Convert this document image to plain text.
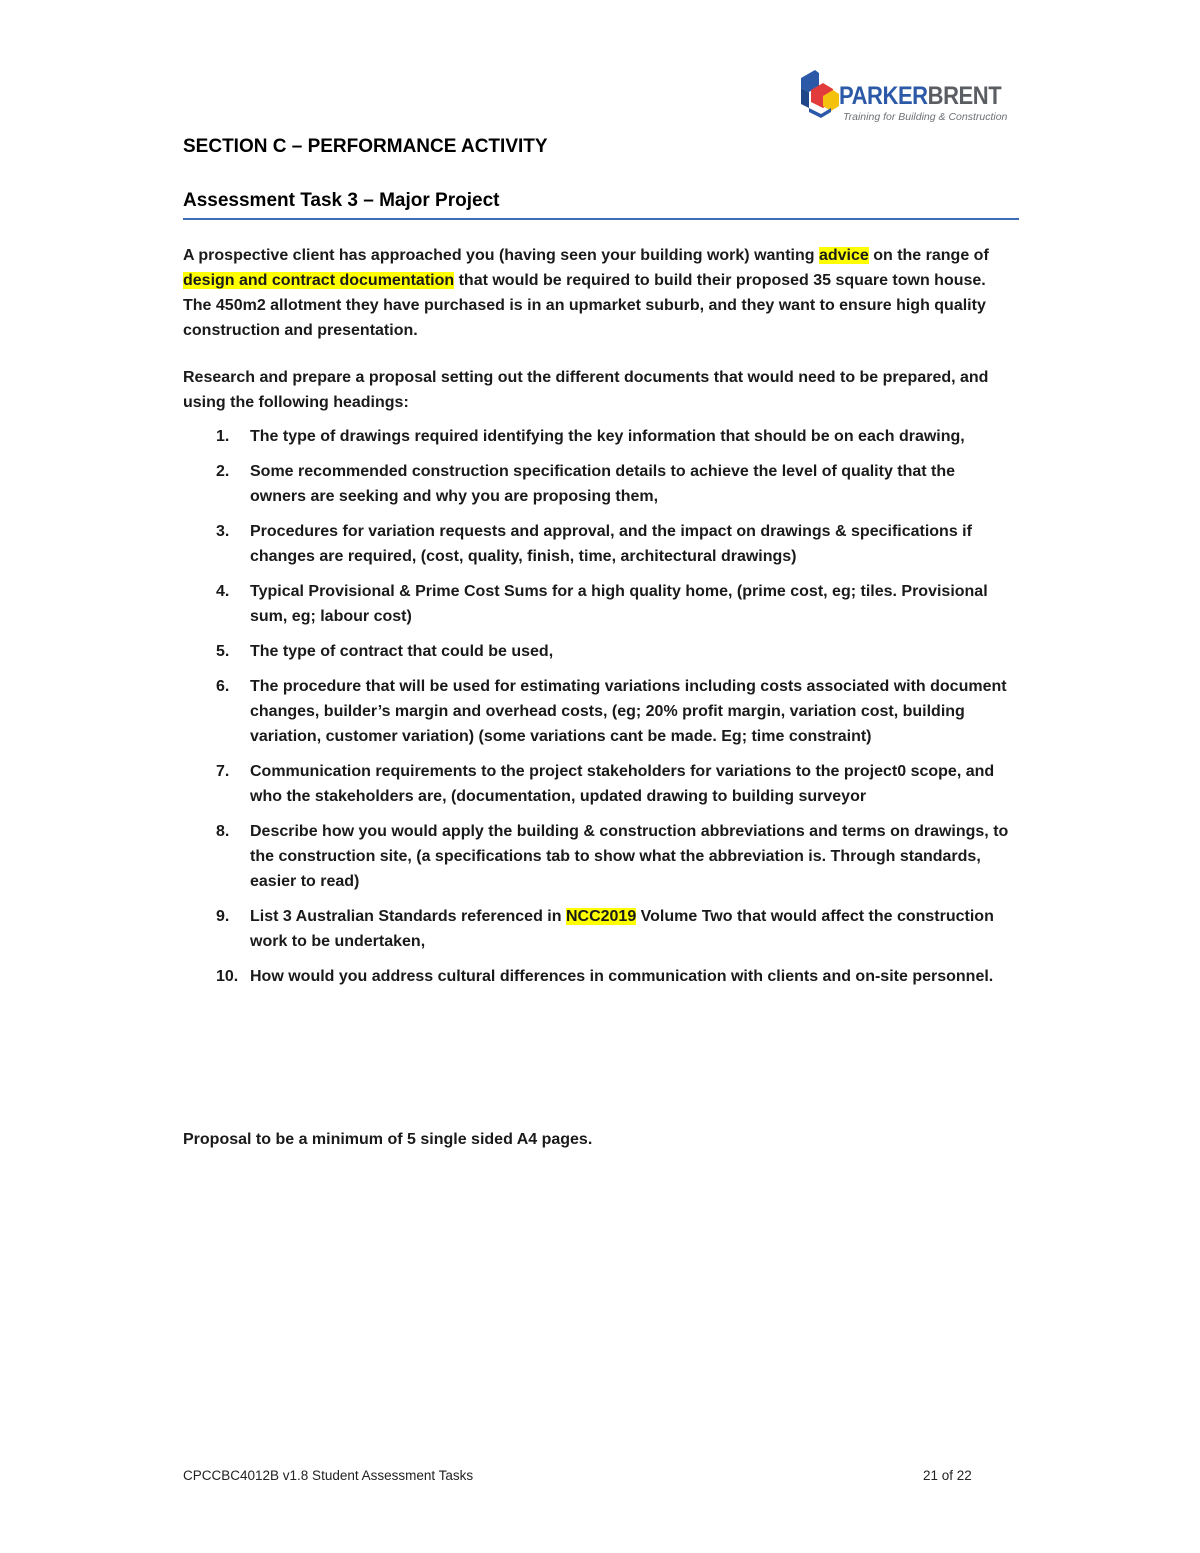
PARKERBRENT
Training for Building & Construction
SECTION C – PERFORMANCE ACTIVITY
Assessment Task 3 – Major Project
A prospective client has approached you (having seen your building work) wanting advice on the range of design and contract documentation that would be required to build their proposed 35 square town house. The 450m2 allotment they have purchased is in an upmarket suburb, and they want to ensure high quality construction and presentation.
Research and prepare a proposal setting out the different documents that would need to be prepared, and using the following headings:
1. The type of drawings required identifying the key information that should be on each drawing,
2. Some recommended construction specification details to achieve the level of quality that the owners are seeking and why you are proposing them,
3. Procedures for variation requests and approval, and the impact on drawings & specifications if changes are required, (cost, quality, finish, time, architectural drawings)
4. Typical Provisional & Prime Cost Sums for a high quality home, (prime cost, eg; tiles. Provisional sum, eg; labour cost)
5. The type of contract that could be used,
6. The procedure that will be used for estimating variations including costs associated with document changes, builder’s margin and overhead costs, (eg; 20% profit margin, variation cost, building variation, customer variation) (some variations cant be made. Eg; time constraint)
7. Communication requirements to the project stakeholders for variations to the project0 scope, and who the stakeholders are, (documentation, updated drawing to building surveyor
8. Describe how you would apply the building & construction abbreviations and terms on drawings, to the construction site, (a specifications tab to show what the abbreviation is. Through standards, easier to read)
9. List 3 Australian Standards referenced in NCC2019 Volume Two that would affect the construction work to be undertaken,
10. How would you address cultural differences in communication with clients and on-site personnel.
Proposal to be a minimum of 5 single sided A4 pages.
CPCCBC4012B v1.8 Student Assessment Tasks	21 of 22
